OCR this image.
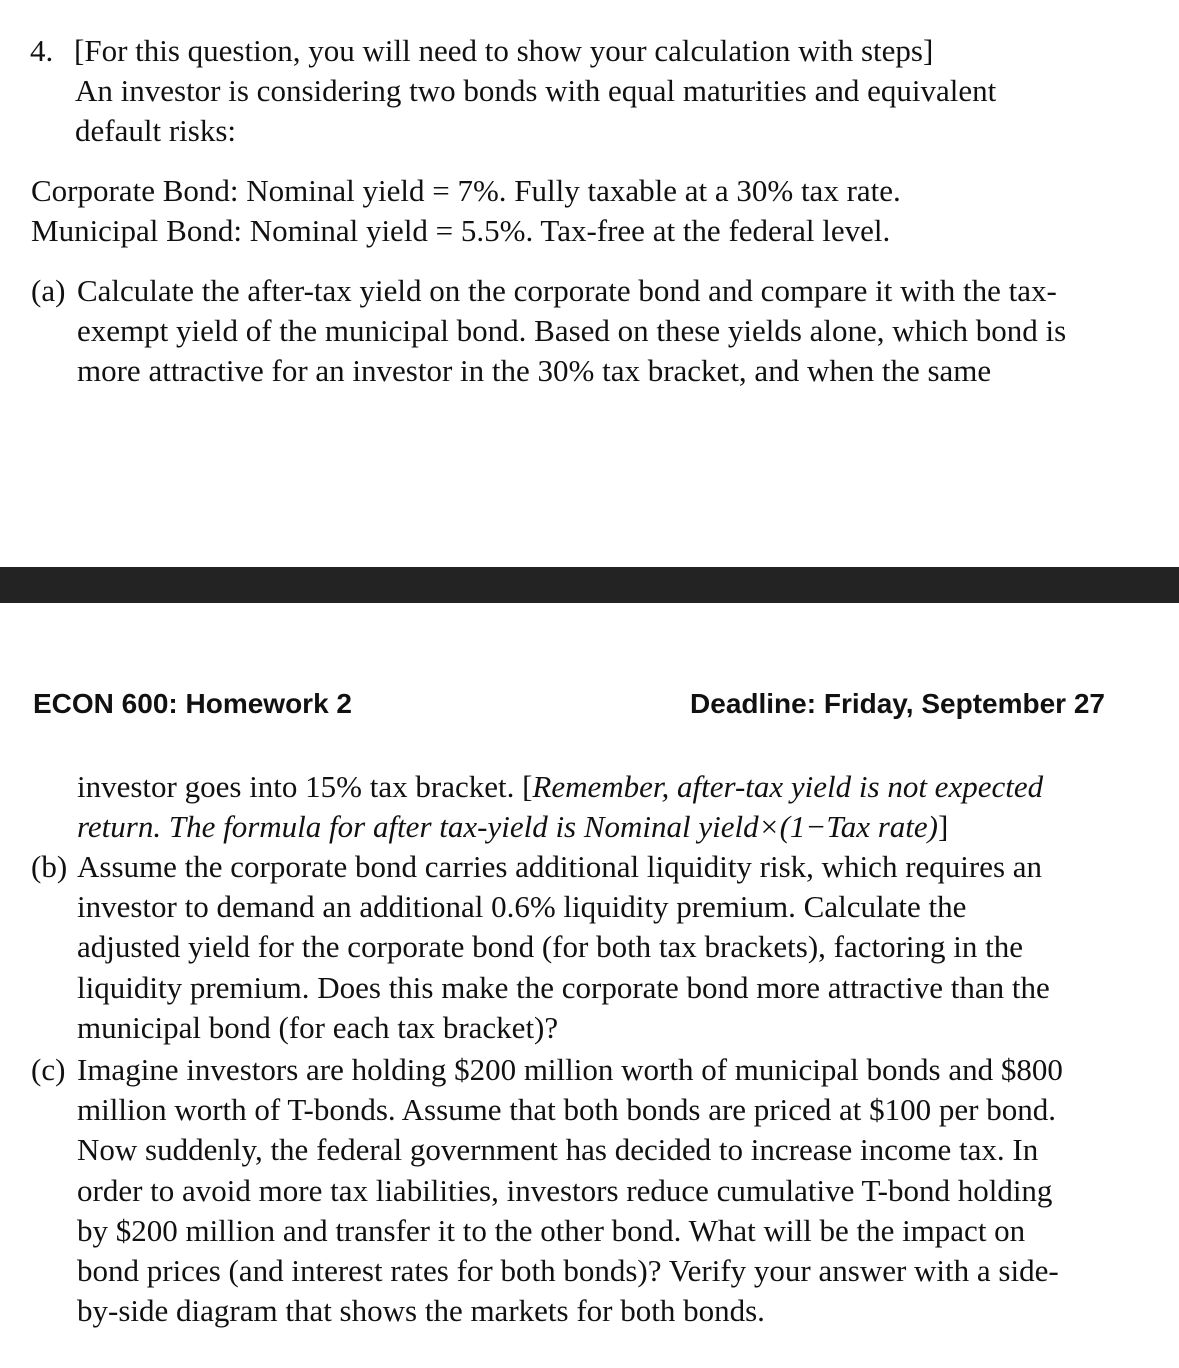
4. [For this question, you will need to show your calculation with steps]
An investor is considering two bonds with equal maturities and equivalent
default risks:
Corporate Bond: Nominal yield = 7%. Fully taxable at a 30% tax rate.
Municipal Bond: Nominal yield = 5.5%. Tax-free at the federal level.
(a) Calculate the after-tax yield on the corporate bond and compare it with the tax-
exempt yield of the municipal bond. Based on these yields alone, which bond is
more attractive for an investor in the 30% tax bracket, and when the same
ECON 600: Homework 2	Deadline: Friday, September 27
investor goes into 15% tax bracket. [Remember, after-tax yield is not expected
return. The formula for after tax-yield is Nominal yield×(1−Tax rate)]
(b) Assume the corporate bond carries additional liquidity risk, which requires an
investor to demand an additional 0.6% liquidity premium. Calculate the
adjusted yield for the corporate bond (for both tax brackets), factoring in the
liquidity premium. Does this make the corporate bond more attractive than the
municipal bond (for each tax bracket)?
(c) Imagine investors are holding $200 million worth of municipal bonds and $800
million worth of T-bonds. Assume that both bonds are priced at $100 per bond.
Now suddenly, the federal government has decided to increase income tax. In
order to avoid more tax liabilities, investors reduce cumulative T-bond holding
by $200 million and transfer it to the other bond. What will be the impact on
bond prices (and interest rates for both bonds)? Verify your answer with a side-
by-side diagram that shows the markets for both bonds.
